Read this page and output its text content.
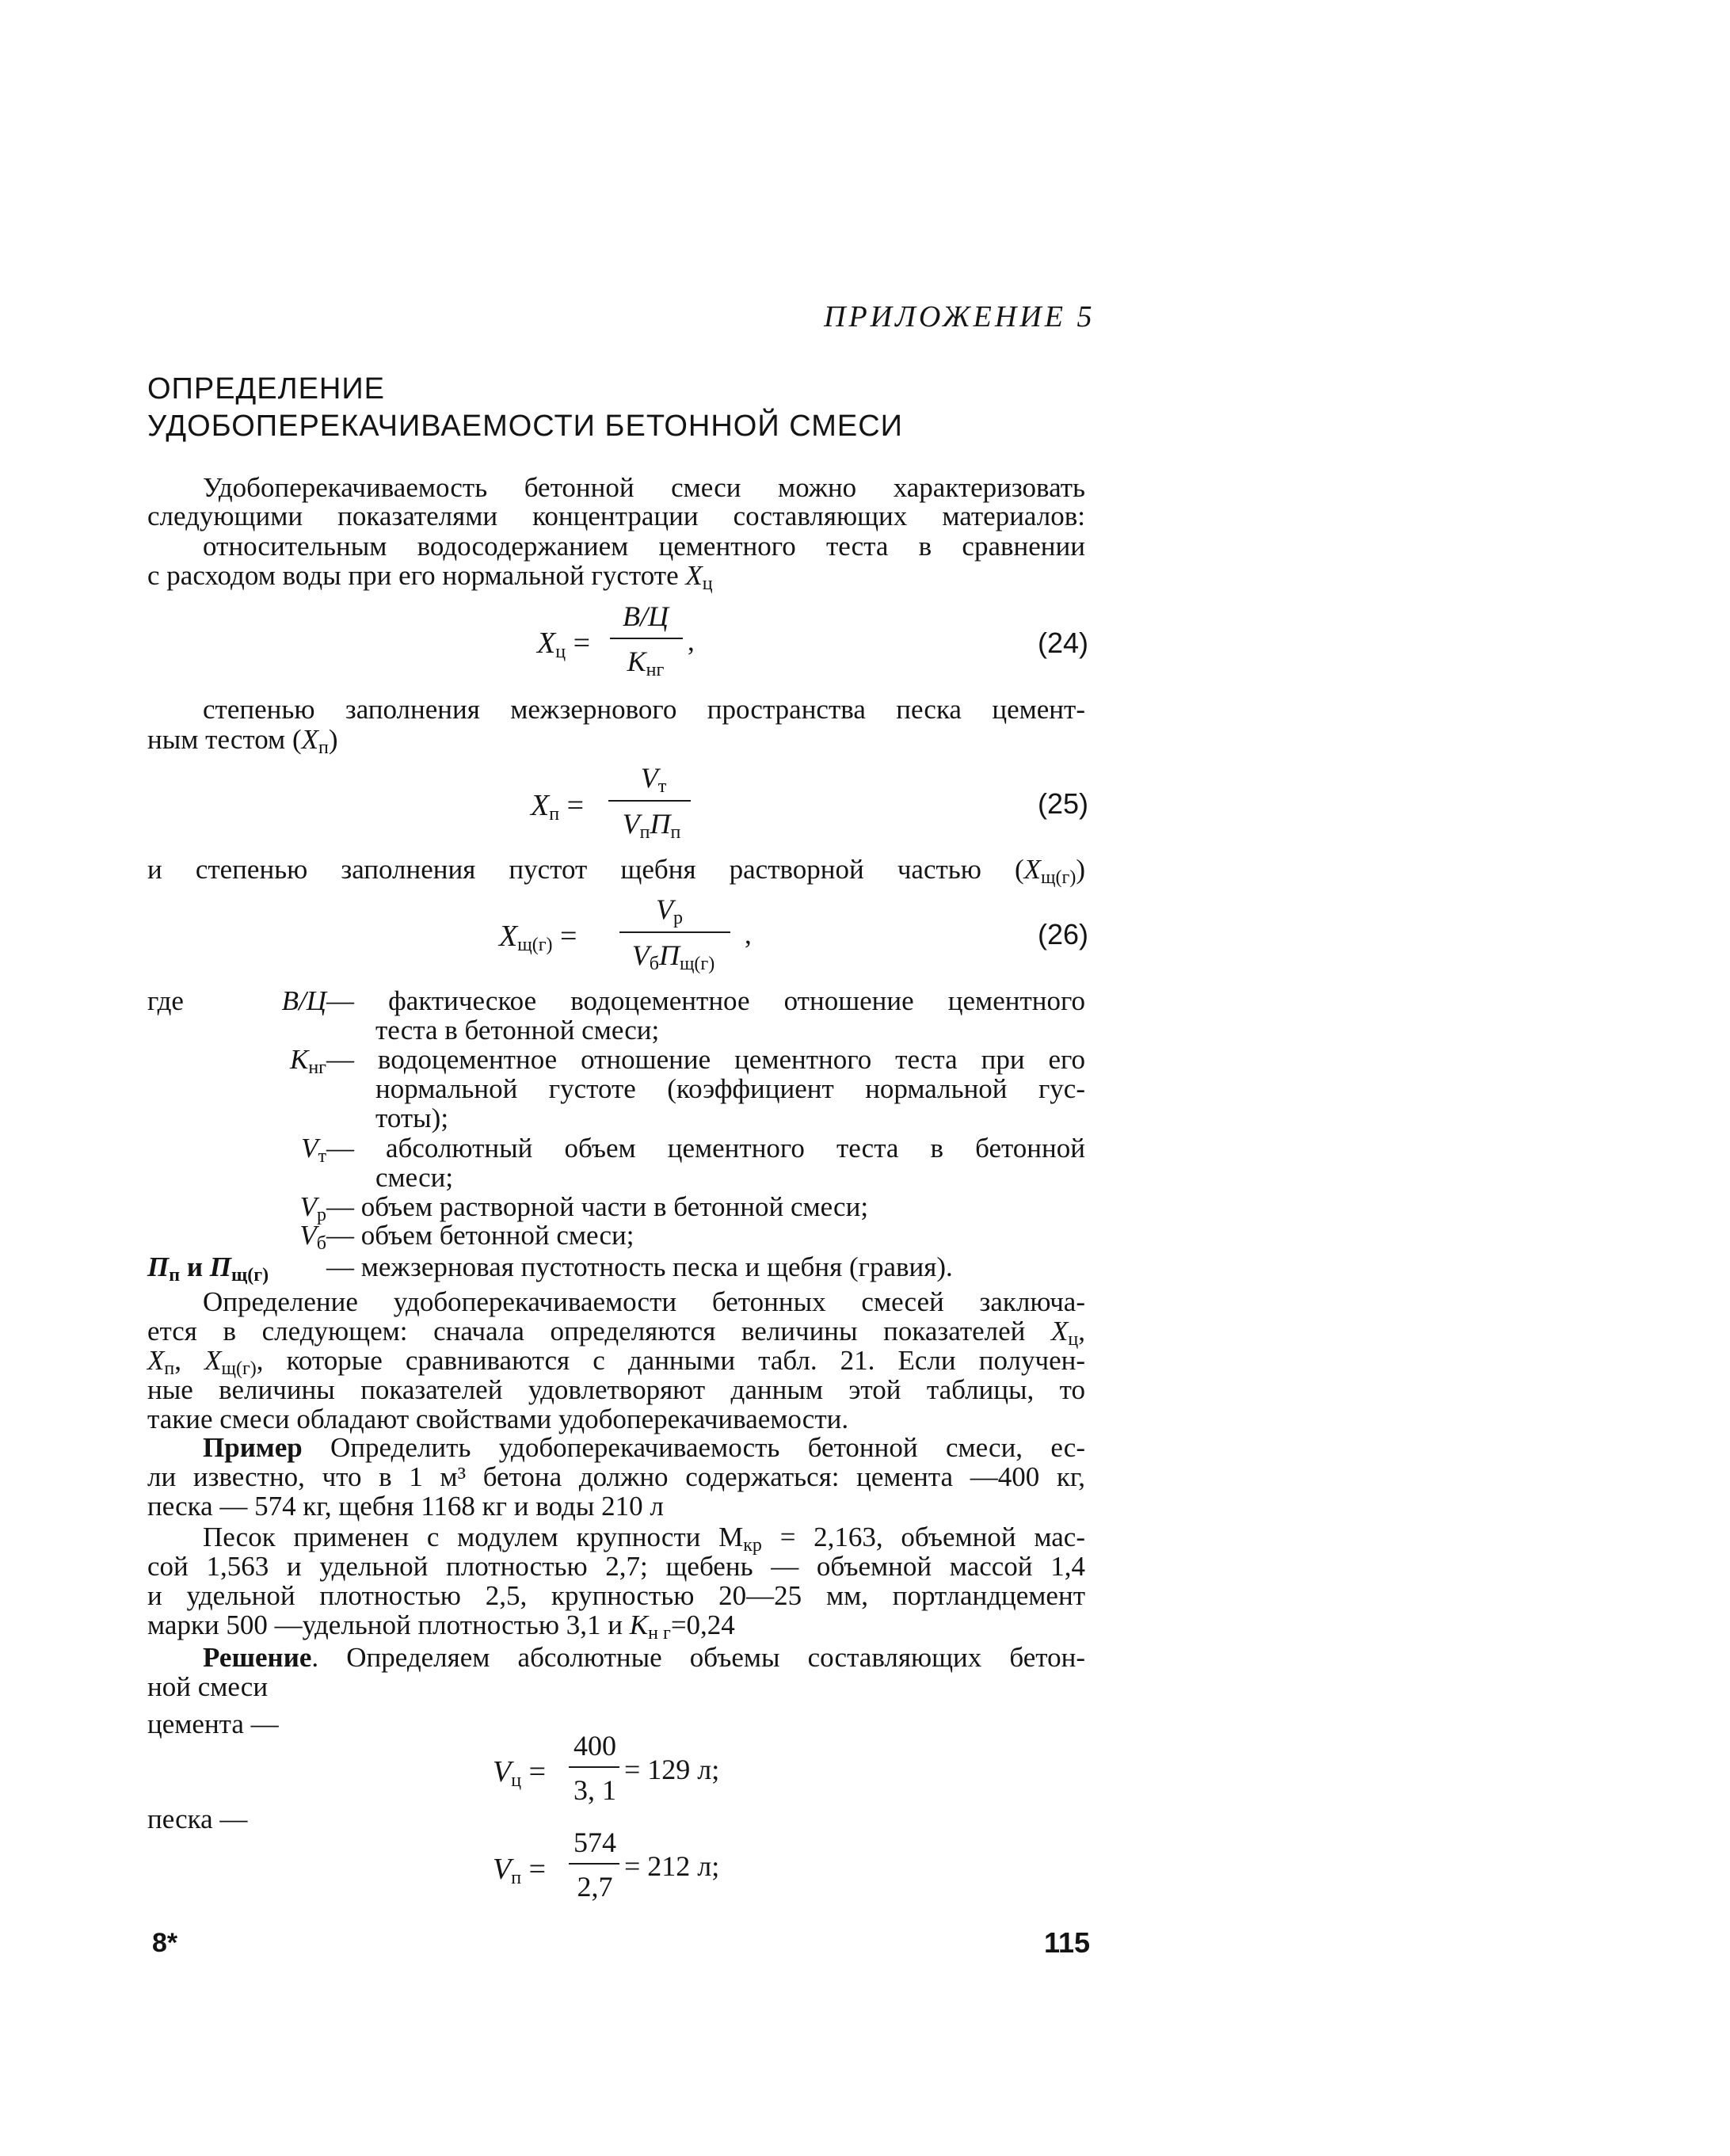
ПРИЛОЖЕНИЕ 5
ОПРЕДЕЛЕНИЕ
УДОБОПЕРЕКАЧИВАЕМОСТИ БЕТОННОЙ СМЕСИ
Удобоперекачиваемость бетонной смеси можно характеризовать
следующими показателями концентрации составляющих материалов:
относительным водосодержанием цементного теста в сравнении
с расходом воды при его нормальной густоте $X_ц$
$X_ц$ =
В/Ц
$K_{нг}$
,	(24)
степенью заполнения межзернового пространства песка цемент-
ным тестом $(X_п)$
$X_п$ =
$V_т$
$V_пП_п$
(25)
и степенью заполнения пустот щебня растворной частью $(X_{щ(г)})$
$X_{щ(г)}$ =
$V_р$
$V_бП_{щ(г)}$
,	(26)
где	В/Ц — фактическое водоцементное отношение цементного
теста в бетонной смеси;
$K_{нг}$ — водоцементное отношение цементного теста при его
нормальной густоте (коэффициент нормальной гус-
тоты);
$V_т$ — абсолютный объем цементного теста в бетонной
смеси;
$V_р$ — объем растворной части в бетонной смеси;
$V_б$ — объем бетонной смеси;
$П_п$ и $П_{щ(г)}$ — межзерновая пустотность песка и щебня (гравия).
Определение удобоперекачиваемости бетонных смесей заключа-
ется в следующем: сначала определяются величины показателей $X_ц$,
$X_п$, $X_{щ(г)}$, которые сравниваются с данными табл. 21. Если получен-
ные величины показателей удовлетворяют данным этой таблицы, то
такие смеси обладают свойствами удобоперекачиваемости.
Пример Определить удобоперекачиваемость бетонной смеси, ес-
ли известно, что в 1 м³ бетона должно содержаться: цемента —400 кг,
песка — 574 кг, щебня 1168 кг и воды 210 л
Песок применен с модулем крупности $М_{кр} = 2,163$, объемной мас-
сой 1,563 и удельной плотностью 2,7; щебень — объемной массой 1,4
и удельной плотностью 2,5, крупностью 20—25 мм, портландцемент
марки 500 —удельной плотностью 3,1 и $K_{н г}=0,24$
Решение. Определяем абсолютные объемы составляющих бетон-
ной смеси
цемента —
$V_ц$ =
400
3, 1
= 129 л;
песка —
$V_п$ =
574
2,7
= 212 л;
8*	115
